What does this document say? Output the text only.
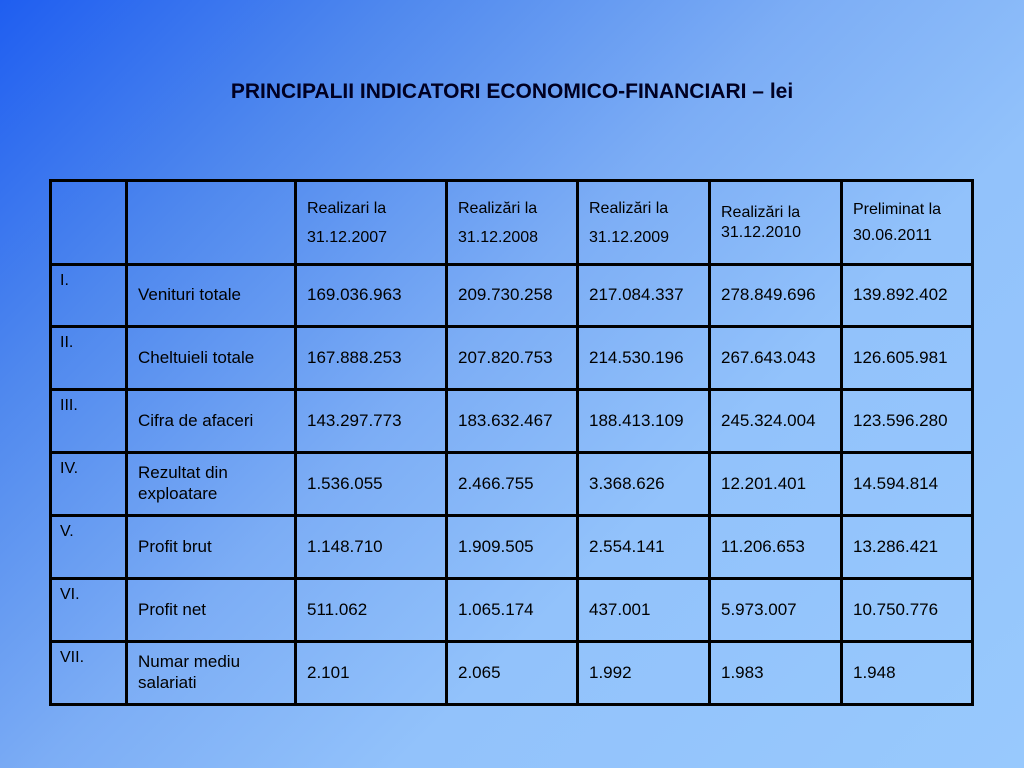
PRINCIPALII INDICATORI ECONOMICO-FINANCIARI – lei
		Realizari la 31.12.2007	Realizări la 31.12.2008	Realizări la 31.12.2009	Realizări la 31.12.2010	Preliminat la 30.06.2011
I.	Venituri totale	169.036.963	209.730.258	217.084.337	278.849.696	139.892.402
II.	Cheltuieli totale	167.888.253	207.820.753	214.530.196	267.643.043	126.605.981
III.	Cifra de afaceri	143.297.773	183.632.467	188.413.109	245.324.004	123.596.280
IV.	Rezultat din exploatare	1.536.055	2.466.755	3.368.626	12.201.401	14.594.814
V.	Profit brut	1.148.710	1.909.505	2.554.141	11.206.653	13.286.421
VI.	Profit net	511.062	1.065.174	437.001	5.973.007	10.750.776
VII.	Numar mediu salariati	2.101	2.065	1.992	1.983	1.948
